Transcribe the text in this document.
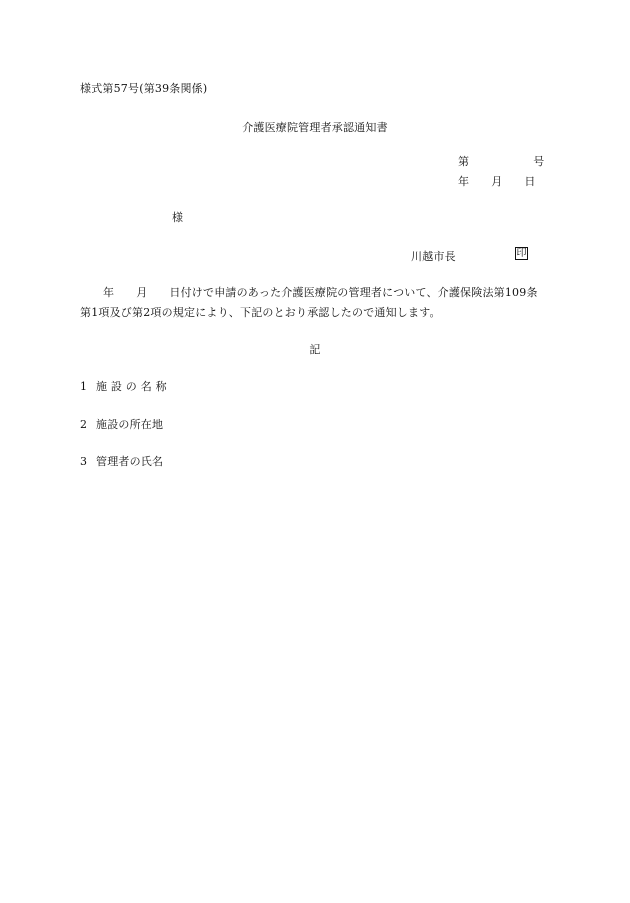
様式第57号(第39条関係)
介護医療院管理者承認通知書
第	号
年 月 日
様
川越市長	印
年 月 日付けで申請のあった介護医療院の管理者について、介護保険法第109条
第1項及び第2項の規定により、下記のとおり承認したので通知します。
記
1 施 設 の 名 称
2 施設の所在地
3 管理者の氏名
